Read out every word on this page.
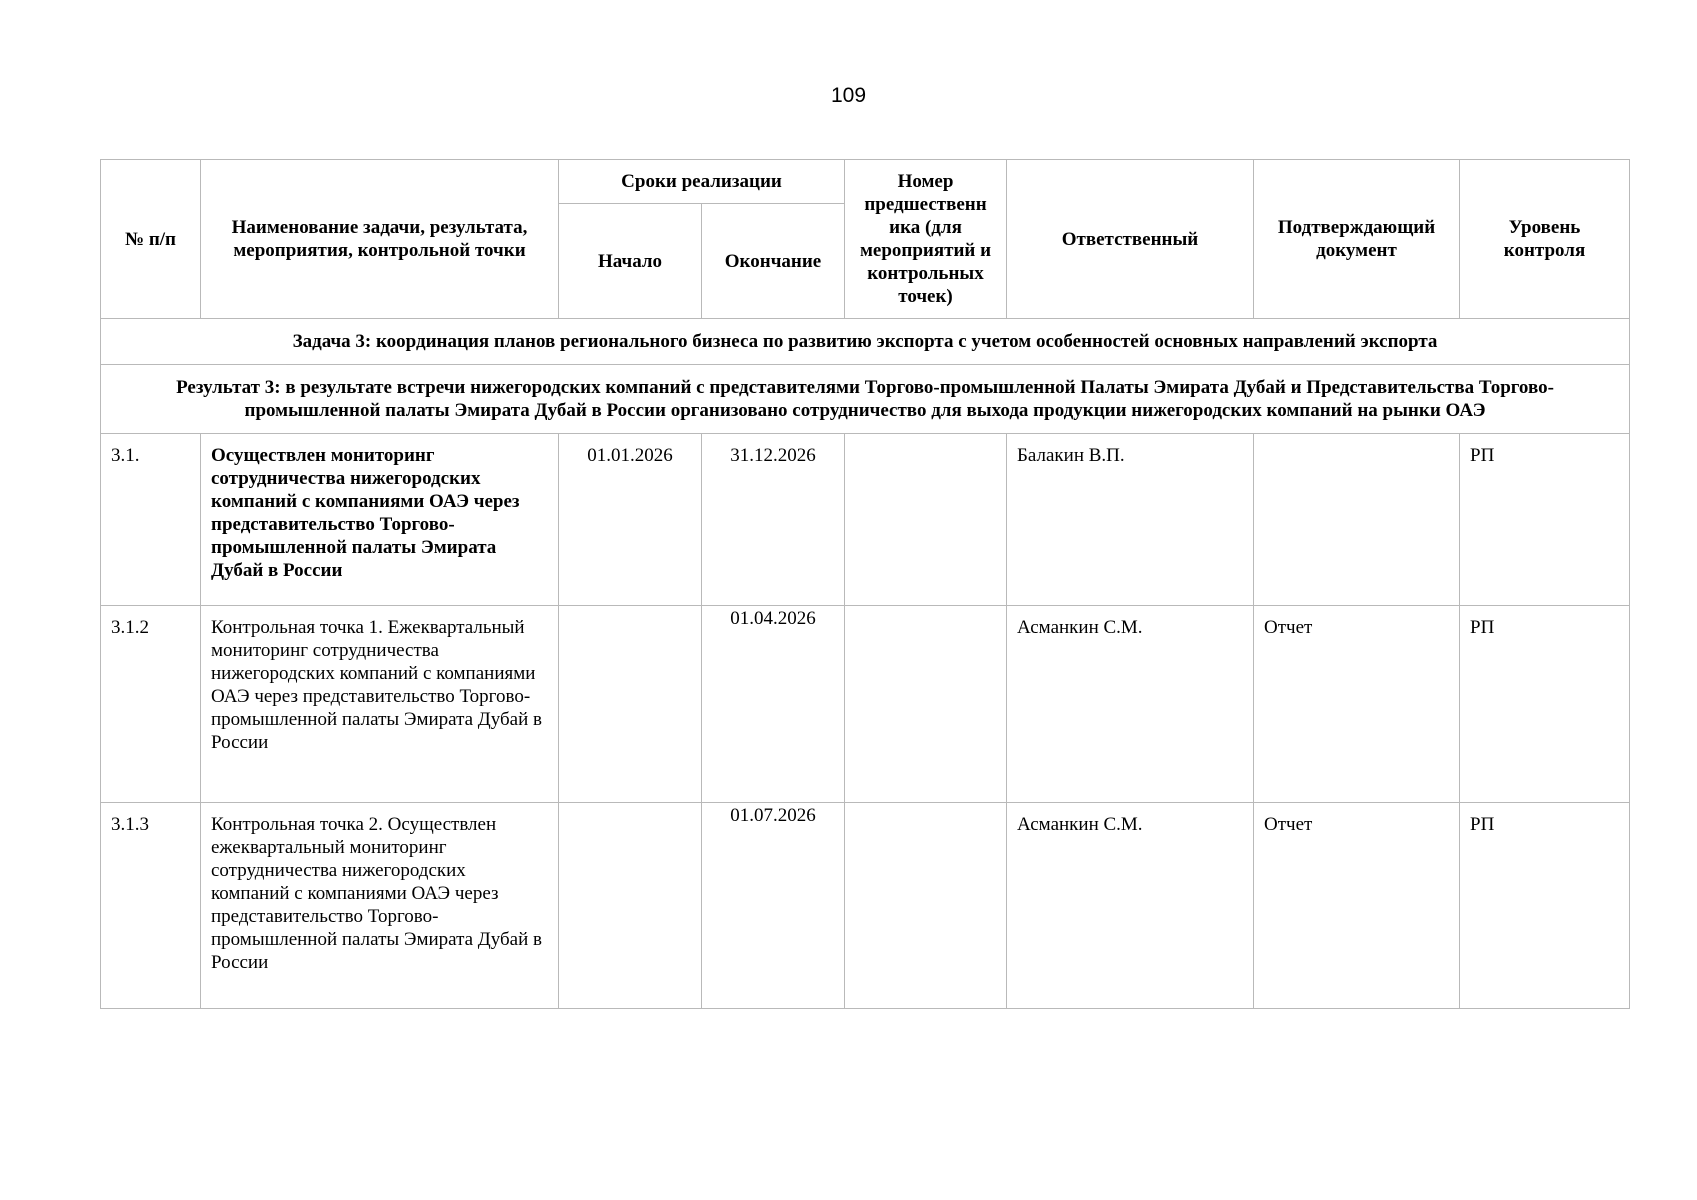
109
№ п/п	Наименование задачи, результата, мероприятия, контрольной точки	Сроки реализации		Номер предшественн ика (для мероприятий и контрольных точек)	Ответственный	Подтверждающий документ	Уровень контроля
		Начало	Окончание				
Задача 3: координация планов регионального бизнеса по развитию экспорта с учетом особенностей основных направлений экспорта							
Результат 3: в результате встречи нижегородских компаний с представителями Торгово-промышленной Палаты Эмирата Дубай и Представительства Торгово-промышленной палаты Эмирата Дубай в России организовано сотрудничество для выхода продукции нижегородских компаний на рынки ОАЭ							
3.1.	Осуществлен мониторинг сотрудничества нижегородских компаний с компаниями ОАЭ через представительство Торгово-промышленной палаты Эмирата Дубай в России	01.01.2026	31.12.2026		Балакин В.П.		РП
3.1.2	Контрольная точка 1. Ежеквартальный мониторинг сотрудничества нижегородских компаний с компаниями ОАЭ через представительство Торгово-промышленной палаты Эмирата Дубай в России		01.04.2026		Асманкин С.М.	Отчет	РП
3.1.3	Контрольная точка 2. Осуществлен ежеквартальный мониторинг сотрудничества нижегородских компаний с компаниями ОАЭ через представительство Торгово-промышленной палаты Эмирата Дубай в России		01.07.2026		Асманкин С.М.	Отчет	РП
